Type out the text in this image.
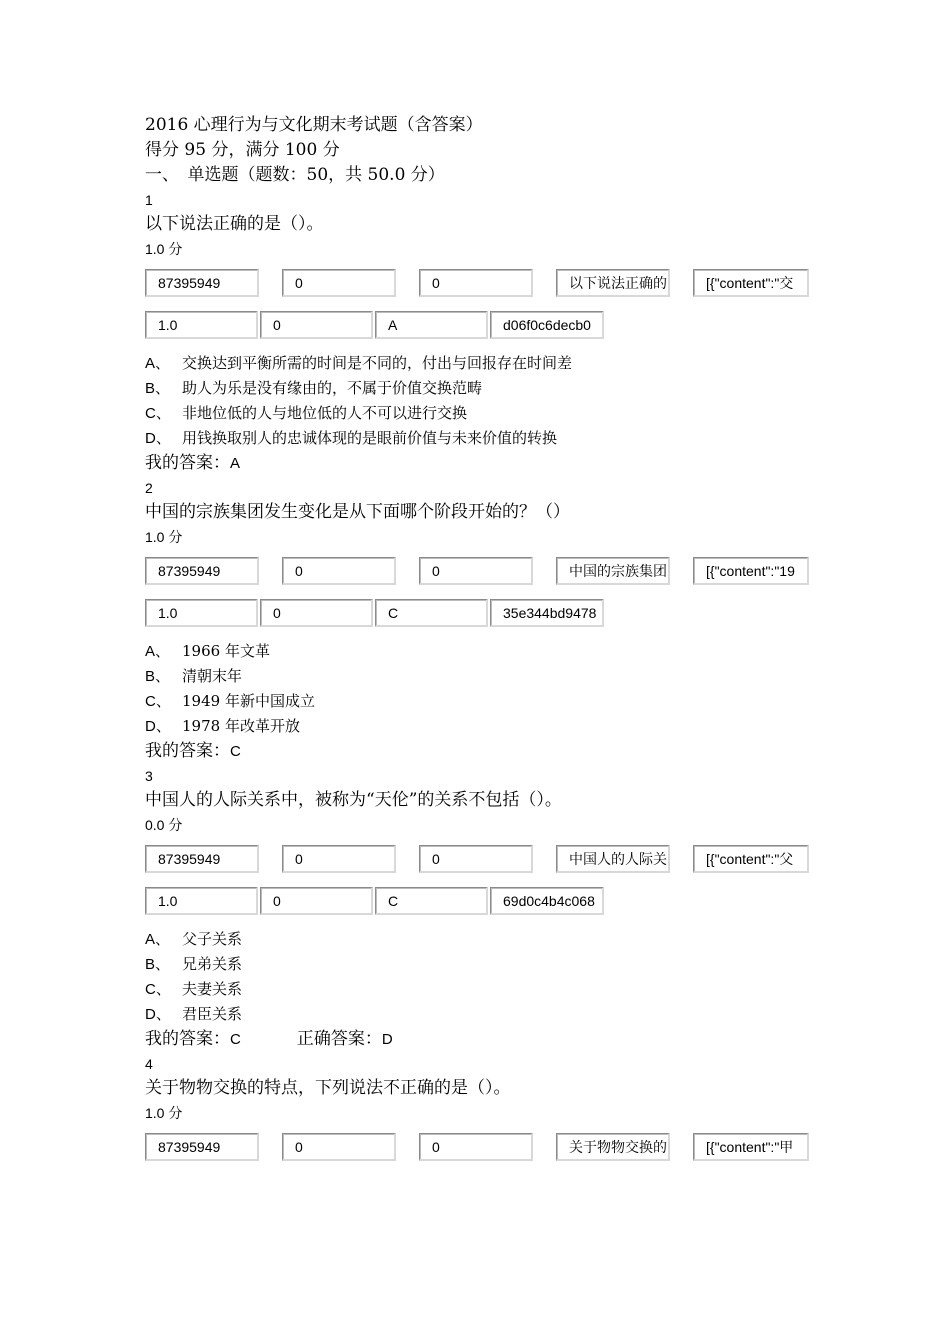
2016 心理行为与文化期末考试题（含答案）
得分 95 分，满分 100 分
一、　单选题（题数：50，共 50.0 分）
1
以下说法正确的是（）。
1.0 分
87395949	0	0	以下说法正确的	[{"content":"交
1.0	0	A	d06f0c6decb0
A、 交换达到平衡所需的时间是不同的，付出与回报存在时间差
B、 助人为乐是没有缘由的，不属于价值交换范畴
C、 非地位低的人与地位低的人不可以进行交换
D、 用钱换取别人的忠诚体现的是眼前价值与未来价值的转换
我的答案：A
2
中国的宗族集团发生变化是从下面哪个阶段开始的？（）
1.0 分
87395949	0	0	中国的宗族集团	[{"content":"19
1.0	0	C	35e344bd9478
A、 1966 年文革
B、 清朝末年
C、 1949 年新中国成立
D、 1978 年改革开放
我的答案：C
3
中国人的人际关系中，被称为“天伦”的关系不包括（）。
0.0 分
87395949	0	0	中国人的人际关	[{"content":"父
1.0	0	C	69d0c4b4c068
A、 父子关系
B、 兄弟关系
C、 夫妻关系
D、 君臣关系
我的答案：C	正确答案：D
4
关于物物交换的特点，下列说法不正确的是（）。
1.0 分
87395949	0	0	关于物物交换的	[{"content":"甲
